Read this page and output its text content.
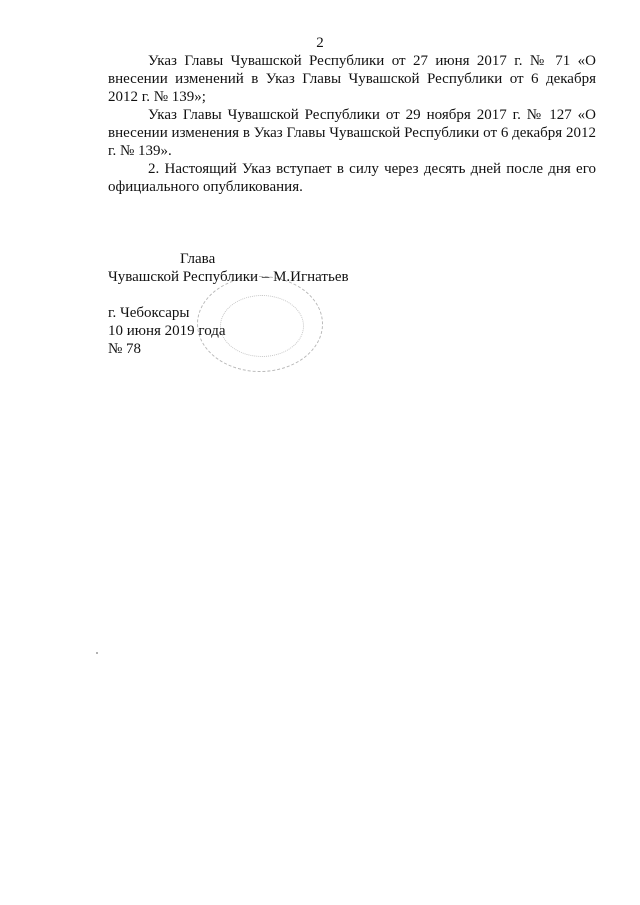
2

Указ Главы Чувашской Республики от 27 июня 2017 г. № 71 «О внесении изменений в Указ Главы Чувашской Республики от 6 декабря 2012 г. № 139»;

Указ Главы Чувашской Республики от 29 ноября 2017 г. № 127 «О внесении изменения в Указ Главы Чувашской Республики от 6 декабря 2012 г. № 139».

2. Настоящий Указ вступает в силу через десять дней после дня его официального опубликования.

Глава
Чувашской Республики – М.Игнатьев
г. Чебоксары
10 июня 2019 года
№ 78
